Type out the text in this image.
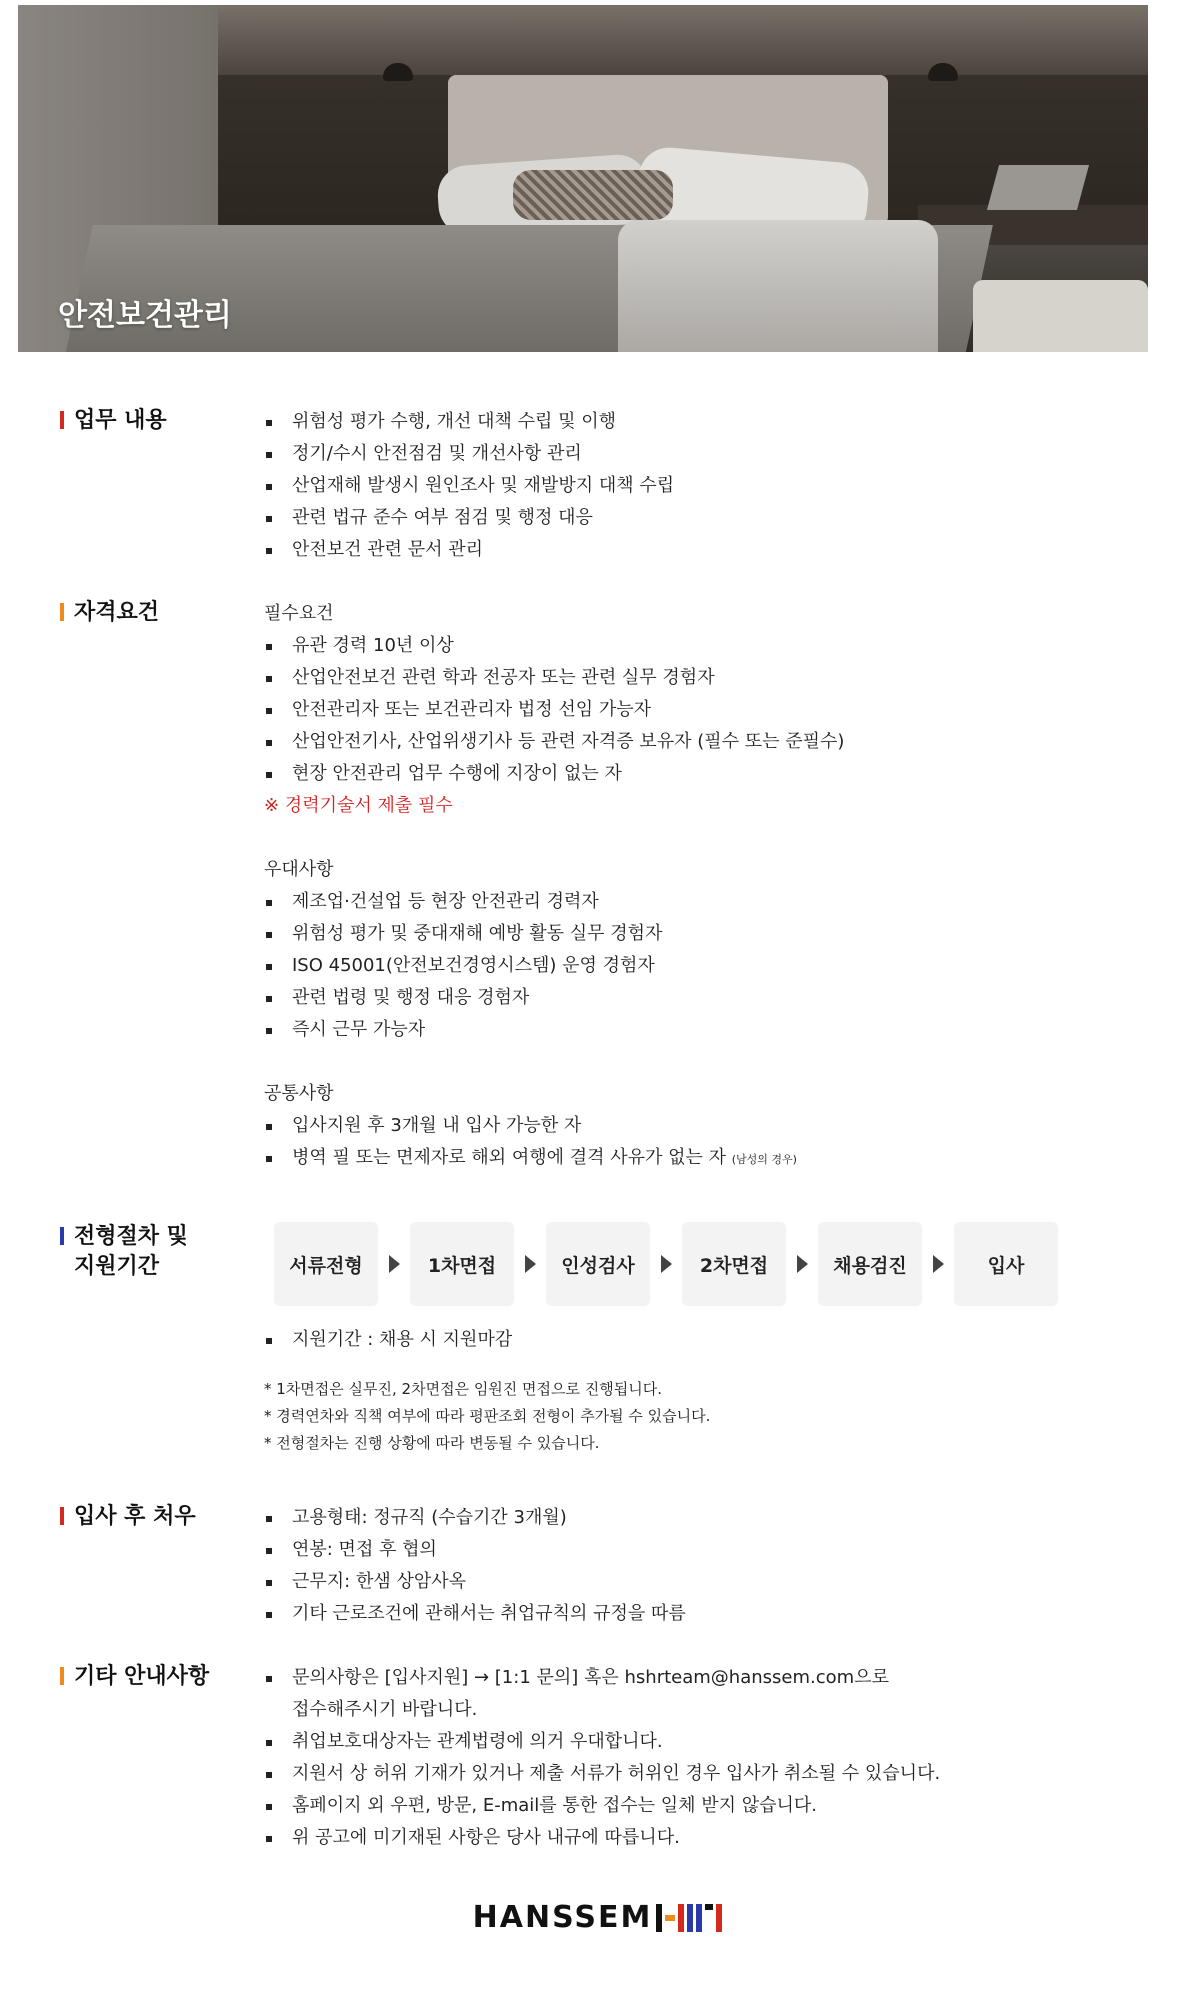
안전보건관리
업무 내용	위험성 평가 수행, 개선 대책 수립 및 이행
정기/수시 안전점검 및 개선사항 관리
산업재해 발생시 원인조사 및 재발방지 대책 수립
관련 법규 준수 여부 점검 및 행정 대응
안전보건 관련 문서 관리
자격요건	필수요건
유관 경력 10년 이상
산업안전보건 관련 학과 전공자 또는 관련 실무 경험자
안전관리자 또는 보건관리자 법정 선임 가능자
산업안전기사, 산업위생기사 등 관련 자격증 보유자 (필수 또는 준필수)
현장 안전관리 업무 수행에 지장이 없는 자
※ 경력기술서 제출 필수
우대사항
제조업·건설업 등 현장 안전관리 경력자
위험성 평가 및 중대재해 예방 활동 실무 경험자
ISO 45001(안전보건경영시스템) 운영 경험자
관련 법령 및 행정 대응 경험자
즉시 근무 가능자
공통사항
입사지원 후 3개월 내 입사 가능한 자
병역 필 또는 면제자로 해외 여행에 결격 사유가 없는 자 (남성의 경우)
전형절차 및
지원기간	서류전형	1차면접	인성검사	2차면접	채용검진	입사
지원기간 : 채용 시 지원마감
* 1차면접은 실무진, 2차면접은 임원진 면접으로 진행됩니다.
* 경력연차와 직책 여부에 따라 평판조회 전형이 추가될 수 있습니다.
* 전형절차는 진행 상황에 따라 변동될 수 있습니다.
입사 후 처우	고용형태: 정규직 (수습기간 3개월)
연봉: 면접 후 협의
근무지: 한샘 상암사옥
기타 근로조건에 관해서는 취업규칙의 규정을 따름
기타 안내사항	문의사항은 [입사지원] → [1:1 문의] 혹은 hshrteam@hanssem.com으로
접수해주시기 바랍니다.
취업보호대상자는 관계법령에 의거 우대합니다.
지원서 상 허위 기재가 있거나 제출 서류가 허위인 경우 입사가 취소될 수 있습니다.
홈페이지 외 우편, 방문, E-mail를 통한 접수는 일체 받지 않습니다.
위 공고에 미기재된 사항은 당사 내규에 따릅니다.
HANSSEM
